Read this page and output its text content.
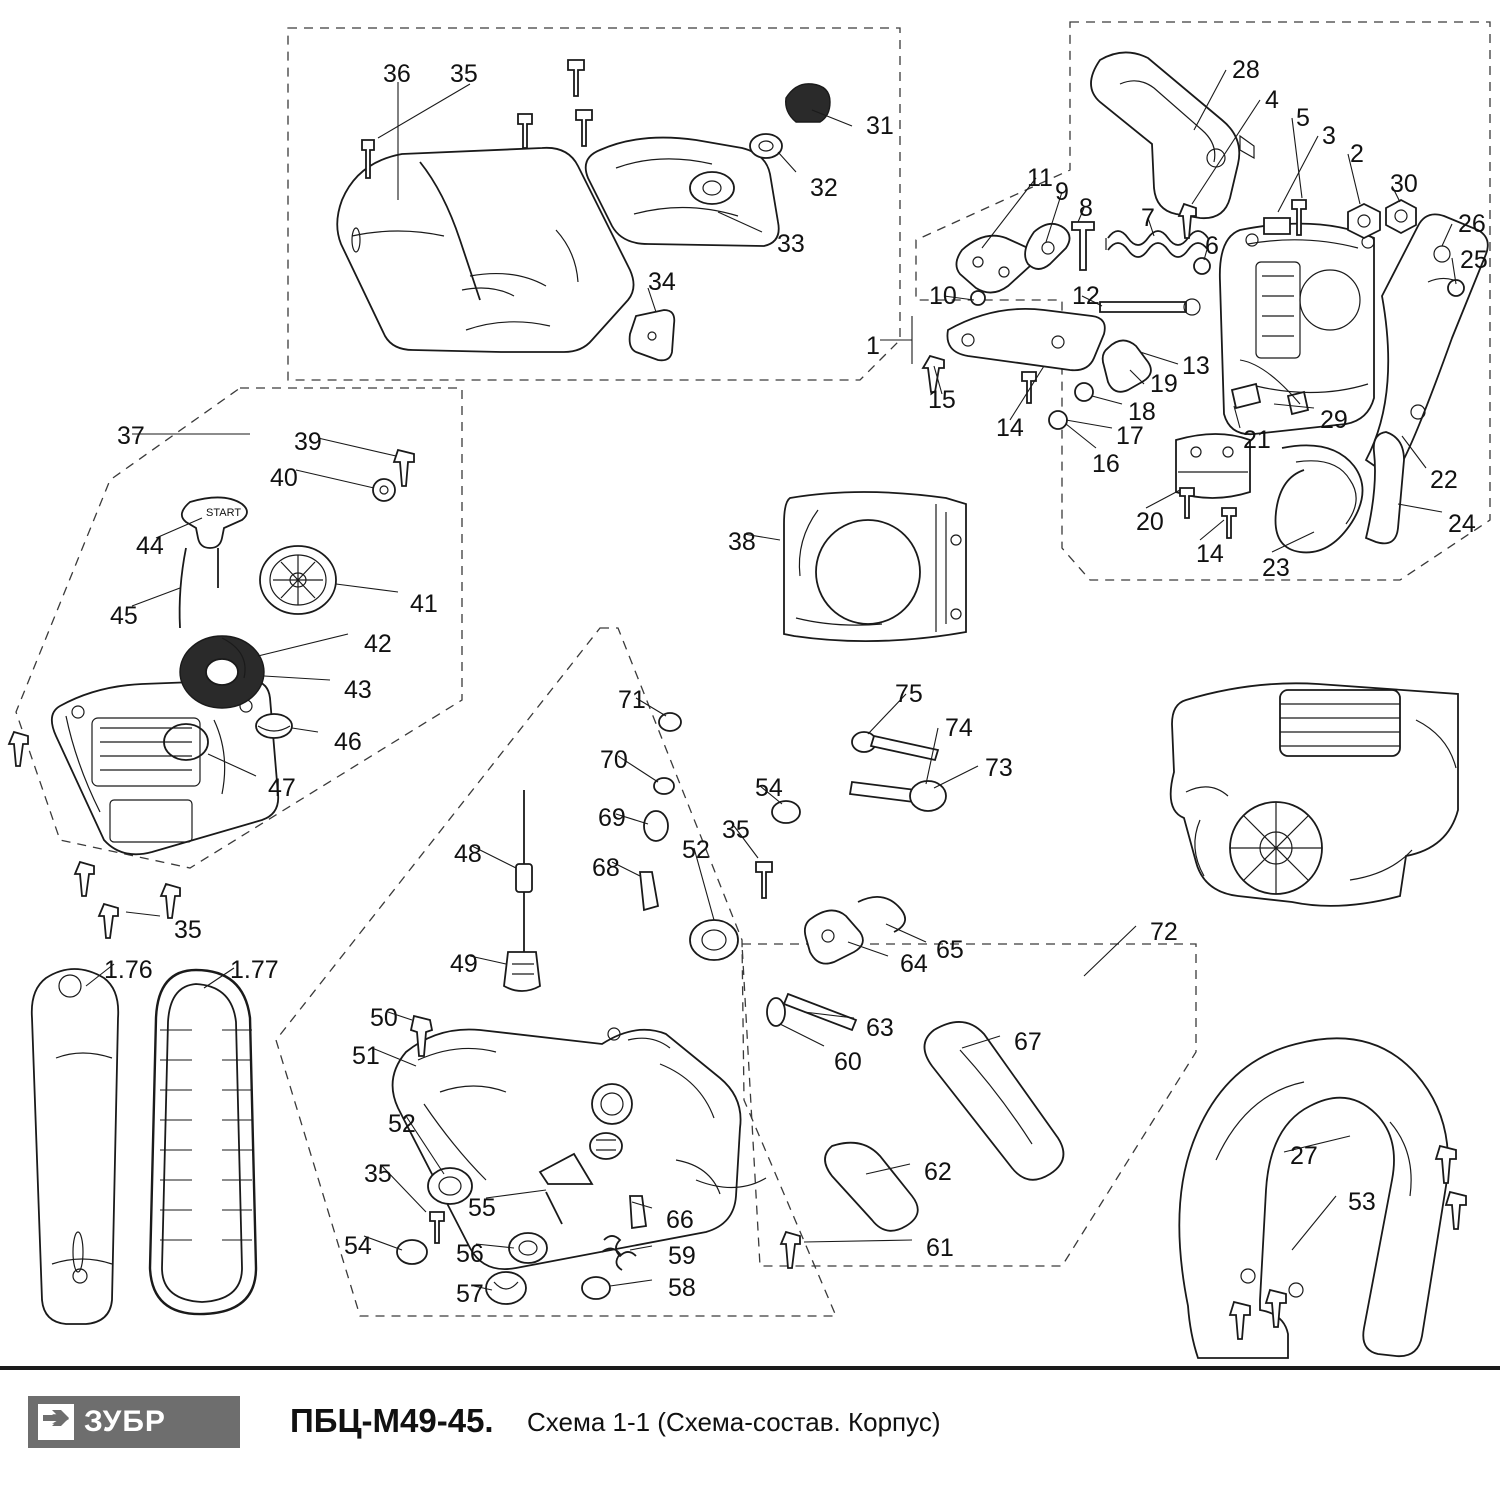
START
36 35
31
32
33
34
28
4
5
3
2
30
26
11 9
8 7
6	25
10	12
1
13
19
15	18
14	17
29
21
16
22
20	24
14 23
37	39
40
44
45	41
42
43
46
47
35
38
1.76	1.77
71	75
74
70	73
54
69	35
48	68
52
49	65
64
72
50	63	67
51	60
52
27
35	62
55	66
53
54	61
56	59
57	58
ЗУБР	ПБЦ-М49-45. Схема 1-1 (Схема-состав. Корпус)
